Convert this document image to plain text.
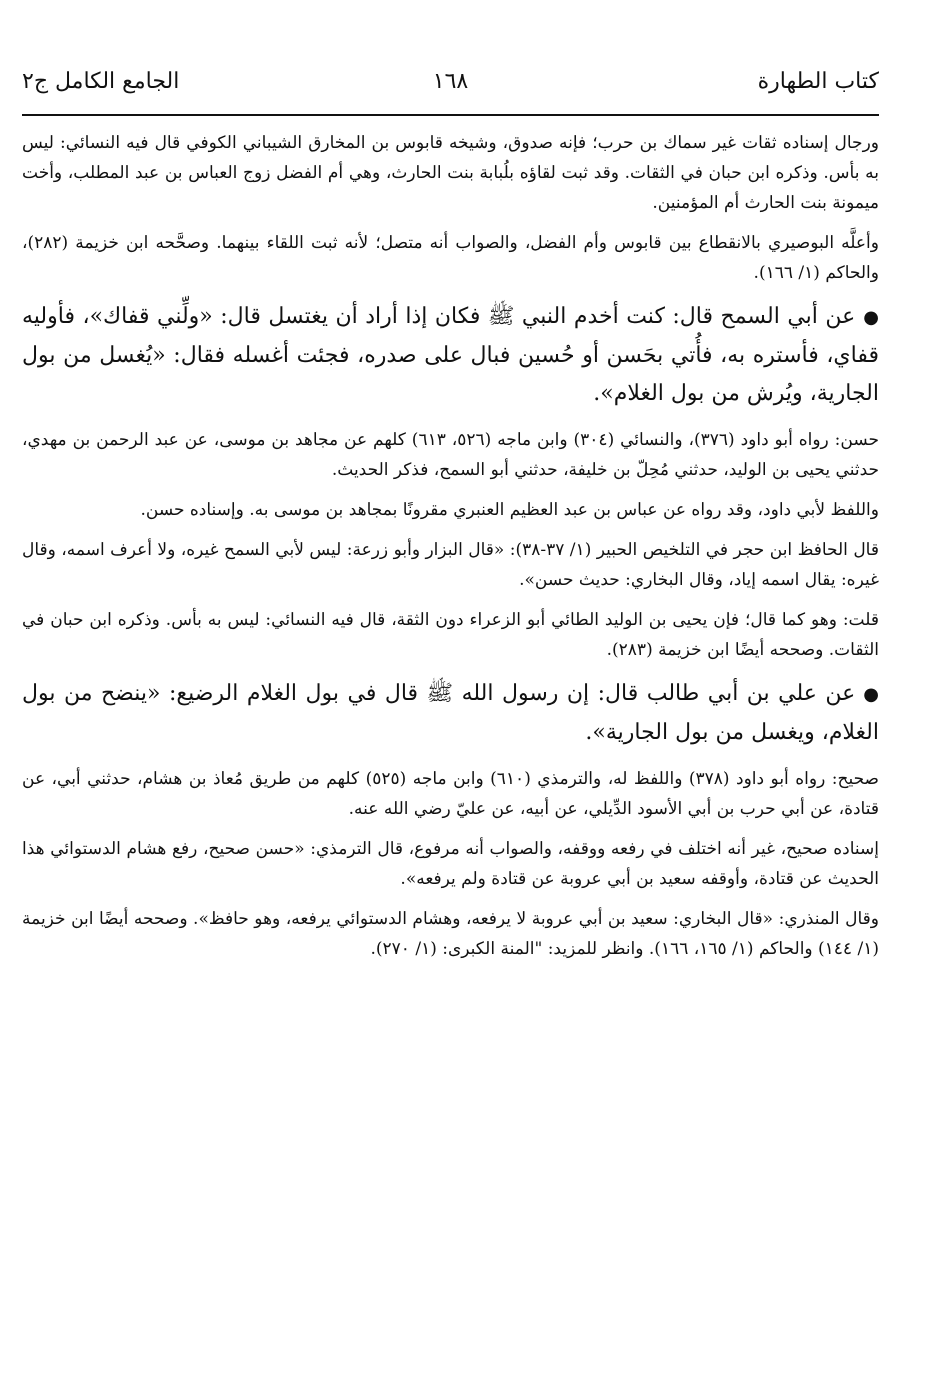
كتاب الطهارة
١٦٨
الجامع الكامل ج٢

ورجال إسناده ثقات غير سماك بن حرب؛ فإنه صدوق، وشيخه قابوس بن المخارق الشيباني الكوفي قال فيه النسائي: ليس به بأس. وذكره ابن حبان في الثقات. وقد ثبت لقاؤه بلُبابة بنت الحارث، وهي أم الفضل زوج العباس بن عبد المطلب، وأخت ميمونة بنت الحارث أم المؤمنين.

وأعلَّه البوصيري بالانقطاع بين قابوس وأم الفضل، والصواب أنه متصل؛ لأنه ثبت اللقاء بينهما. وصحَّحه ابن خزيمة (٢٨٢)، والحاكم (١/ ١٦٦).

●عن أبي السمح قال: كنت أخدم النبي ﷺ فكان إذا أراد أن يغتسل قال: «ولِّني قفاك»، فأوليه قفاي، فأستره به، فأُتي بحَسن أو حُسين فبال على صدره، فجئت أغسله فقال: «يُغسل من بول الجارية، ويُرش من بول الغلام».

حسن: رواه أبو داود (٣٧٦)، والنسائي (٣٠٤) وابن ماجه (٥٢٦، ٦١٣) كلهم عن مجاهد بن موسى، عن عبد الرحمن بن مهدي، حدثني يحيى بن الوليد، حدثني مُحِلّ بن خليفة، حدثني أبو السمح، فذكر الحديث.

واللفظ لأبي داود، وقد رواه عن عباس بن عبد العظيم العنبري مقرونًا بمجاهد بن موسى به. وإسناده حسن.

قال الحافظ ابن حجر في التلخيص الحبير (١/ ٣٧-٣٨): «قال البزار وأبو زرعة: ليس لأبي السمح غيره، ولا أعرف اسمه، وقال غيره: يقال اسمه إياد، وقال البخاري: حديث حسن».

قلت: وهو كما قال؛ فإن يحيى بن الوليد الطائي أبو الزعراء دون الثقة، قال فيه النسائي: ليس به بأس. وذكره ابن حبان في الثقات. وصححه أيضًا ابن خزيمة (٢٨٣).

●عن علي بن أبي طالب قال: إن رسول الله ﷺ قال في بول الغلام الرضيع: «ينضح من بول الغلام، ويغسل من بول الجارية».

صحيح: رواه أبو داود (٣٧٨) واللفظ له، والترمذي (٦١٠) وابن ماجه (٥٢٥) كلهم من طريق مُعاذ بن هشام، حدثني أبي، عن قتادة، عن أبي حرب بن أبي الأسود الدِّيلي، عن أبيه، عن عليّ رضي الله عنه.

إسناده صحيح، غير أنه اختلف في رفعه ووقفه، والصواب أنه مرفوع، قال الترمذي: «حسن صحيح، رفع هشام الدستوائي هذا الحديث عن قتادة، وأوقفه سعيد بن أبي عروبة عن قتادة ولم يرفعه».

وقال المنذري: «قال البخاري: سعيد بن أبي عروبة لا يرفعه، وهشام الدستوائي يرفعه، وهو حافظ». وصححه أيضًا ابن خزيمة (١/ ١٤٤) والحاكم (١/ ١٦٥، ١٦٦). وانظر للمزيد: "المنة الكبرى: (١/ ٢٧٠).
